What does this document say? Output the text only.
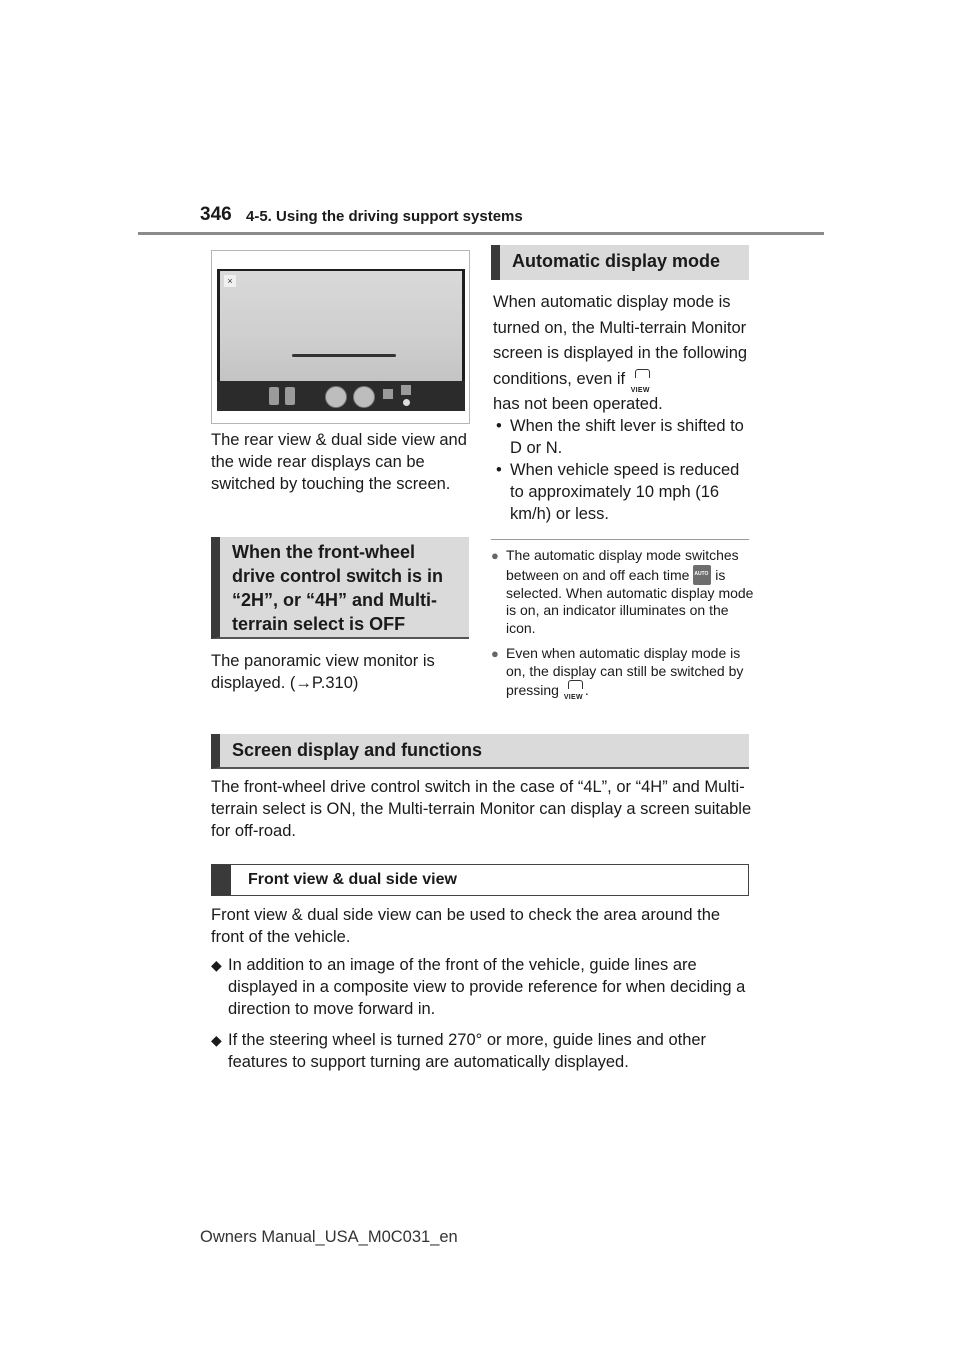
346 4-5. Using the driving support systems
×
The rear view & dual side view and the wide rear displays can be switched by touching the screen.
When the front-wheel drive control switch is in “2H”, or “4H” and Multi-terrain select is OFF
The panoramic view monitor is displayed. (→P.310)
Automatic display mode
When automatic display mode is turned on, the Multi-terrain Monitor screen is displayed in the following conditions, even if
VIEW

has not been operated.
• When the shift lever is shifted to D or N.
• When vehicle speed is reduced to approximately 10 mph (16 km/h) or less.
● The automatic display mode switches between on and off each time AUTO is selected. When automatic display mode is on, an indicator illuminates on the icon.
● Even when automatic display mode is on, the display can still be switched by pressing VIEW .
Screen display and functions
The front-wheel drive control switch in the case of “4L”, or “4H” and Multi-terrain select is ON, the Multi-terrain Monitor can display a screen suitable for off-road.
Front view & dual side view
Front view & dual side view can be used to check the area around the front of the vehicle.
◆ In addition to an image of the front of the vehicle, guide lines are displayed in a composite view to provide reference for when deciding a direction to move forward in.
◆ If the steering wheel is turned 270° or more, guide lines and other features to support turning are automatically displayed.
Owners Manual_USA_M0C031_en
